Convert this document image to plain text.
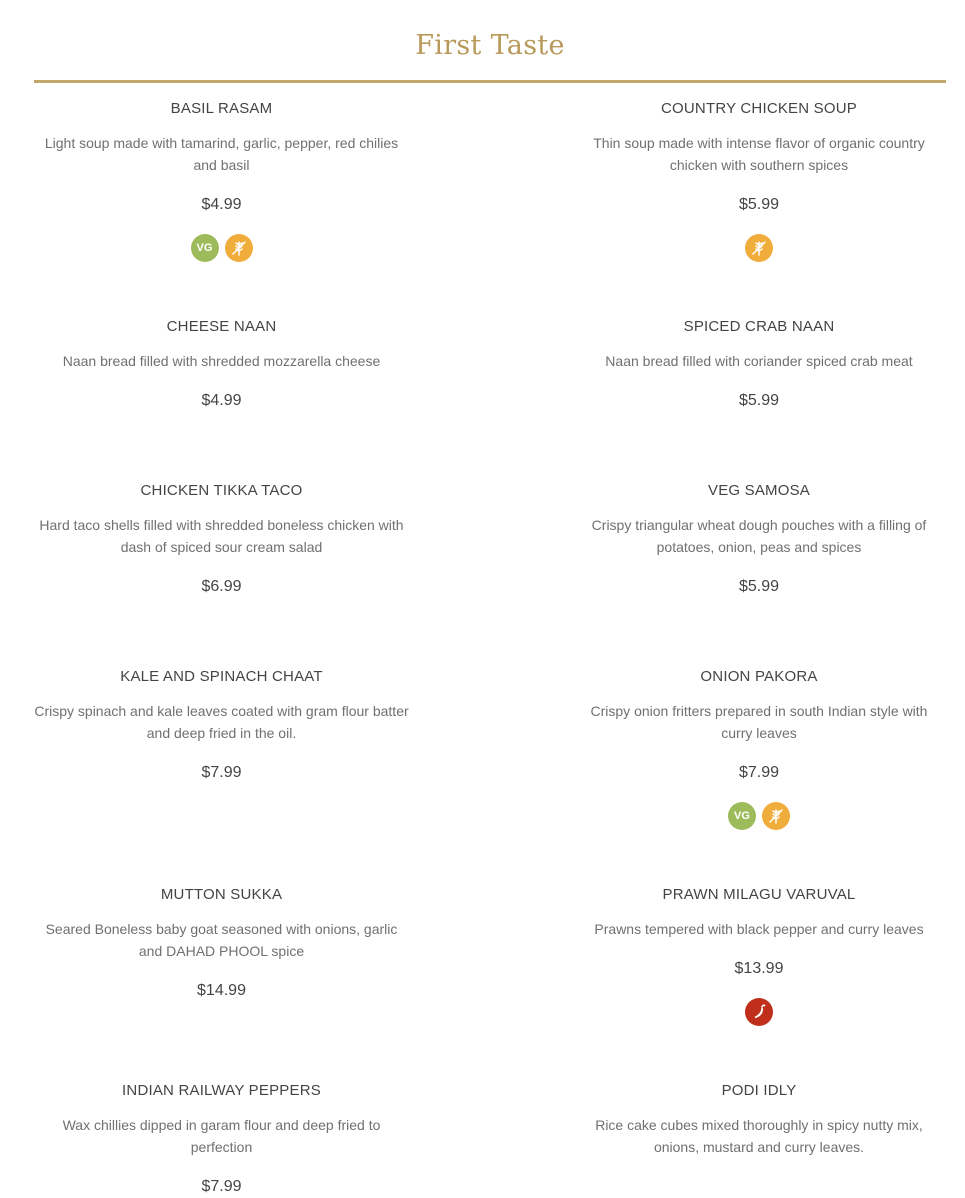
First Taste
BASIL RASAM
Light soup made with tamarind, garlic, pepper, red chilies and basil
$4.99
VG
COUNTRY CHICKEN SOUP
Thin soup made with intense flavor of organic country chicken with southern spices
$5.99
CHEESE NAAN
Naan bread filled with shredded mozzarella cheese
$4.99
SPICED CRAB NAAN
Naan bread filled with coriander spiced crab meat
$5.99
CHICKEN TIKKA TACO
Hard taco shells filled with shredded boneless chicken with dash of spiced sour cream salad
$6.99
VEG SAMOSA
Crispy triangular wheat dough pouches with a filling of potatoes, onion, peas and spices
$5.99
KALE AND SPINACH CHAAT
Crispy spinach and kale leaves coated with gram flour batter and deep fried in the oil.
$7.99
ONION PAKORA
Crispy onion fritters prepared in south Indian style with curry leaves
$7.99
VG
MUTTON SUKKA
Seared Boneless baby goat seasoned with onions, garlic and DAHAD PHOOL spice
$14.99
PRAWN MILAGU VARUVAL
Prawns tempered with black pepper and curry leaves
$13.99
INDIAN RAILWAY PEPPERS
Wax chillies dipped in garam flour and deep fried to perfection
$7.99
PODI IDLY
Rice cake cubes mixed thoroughly in spicy nutty mix, onions, mustard and curry leaves.
